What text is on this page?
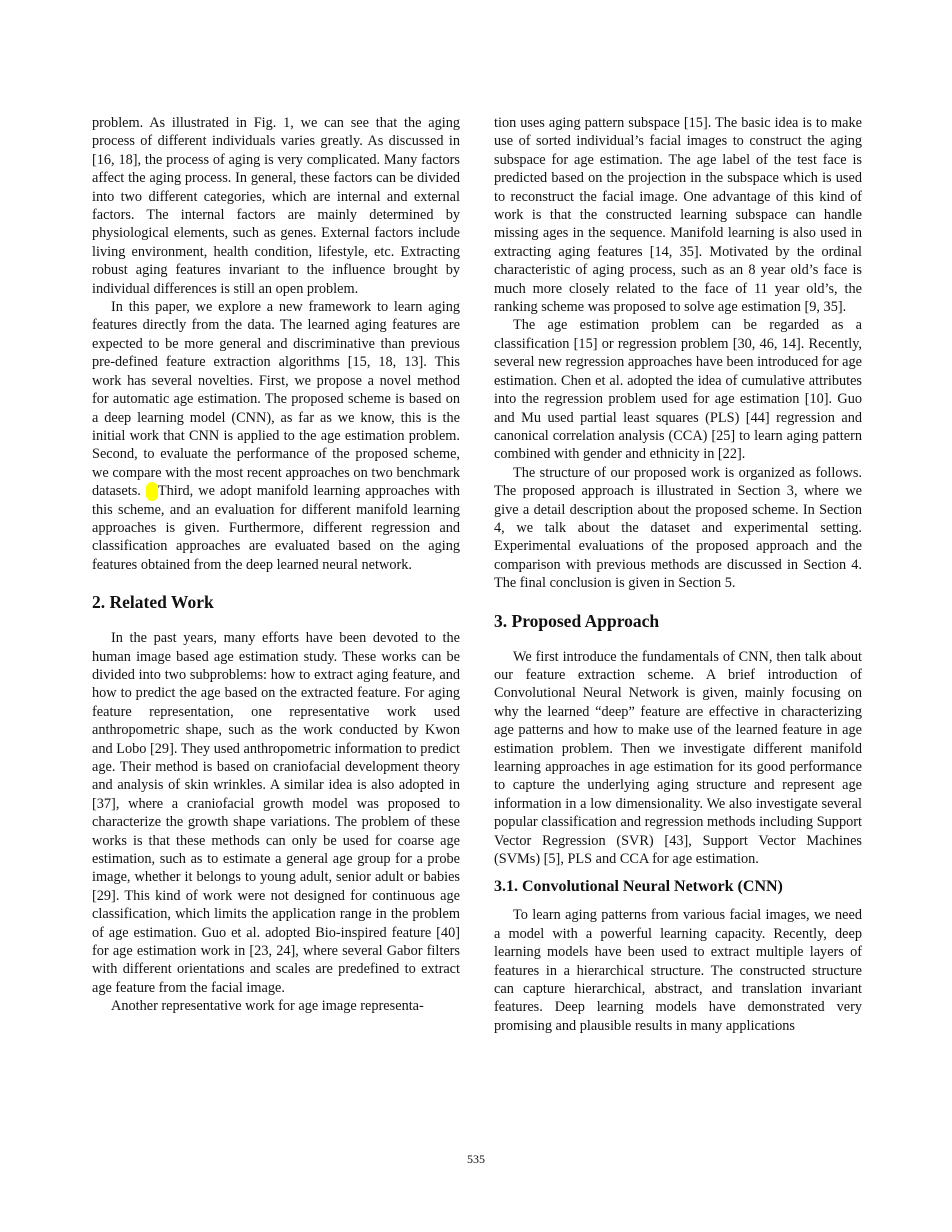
problem. As illustrated in Fig. 1, we can see that the aging process of different individuals varies greatly. As discussed in [16, 18], the process of aging is very complicated. Many factors affect the aging process. In general, these factors can be divided into two different categories, which are internal and external factors. The internal factors are mainly determined by physiological elements, such as genes. External factors include living environment, health condition, lifestyle, etc. Extracting robust aging features invariant to the influence brought by individual differences is still an open problem.

In this paper, we explore a new framework to learn aging features directly from the data. The learned aging features are expected to be more general and discriminative than previous pre-defined feature extraction algorithms [15, 18, 13]. This work has several novelties. First, we propose a novel method for automatic age estimation. The proposed scheme is based on a deep learning model (CNN), as far as we know, this is the initial work that CNN is applied to the age estimation problem. Second, to evaluate the performance of the proposed scheme, we compare with the most recent approaches on two benchmark datasets. Third, we adopt manifold learning approaches with this scheme, and an evaluation for different manifold learning approaches is given. Furthermore, different regression and classification approaches are evaluated based on the aging features obtained from the deep learned neural network.

2. Related Work

In the past years, many efforts have been devoted to the human image based age estimation study. These works can be divided into two subproblems: how to extract aging feature, and how to predict the age based on the extracted feature. For aging feature representation, one representative work used anthropometric shape, such as the work conducted by Kwon and Lobo [29]. They used anthropometric information to predict age. Their method is based on craniofacial development theory and analysis of skin wrinkles. A similar idea is also adopted in [37], where a craniofacial growth model was proposed to characterize the growth shape variations. The problem of these works is that these methods can only be used for coarse age estimation, such as to estimate a general age group for a probe image, whether it belongs to young adult, senior adult or babies [29]. This kind of work were not designed for continuous age classification, which limits the application range in the problem of age estimation. Guo et al. adopted Bio-inspired feature [40] for age estimation work in [23, 24], where several Gabor filters with different orientations and scales are predefined to extract age feature from the facial image.

Another representative work for age image representa-

tion uses aging pattern subspace [15]. The basic idea is to make use of sorted individual’s facial images to construct the aging subspace for age estimation. The age label of the test face is predicted based on the projection in the subspace which is used to reconstruct the facial image. One advantage of this kind of work is that the constructed learning subspace can handle missing ages in the sequence. Manifold learning is also used in extracting aging features [14, 35]. Motivated by the ordinal characteristic of aging process, such as an 8 year old’s face is much more closely related to the face of 11 year old’s, the ranking scheme was proposed to solve age estimation [9, 35].

The age estimation problem can be regarded as a classification [15] or regression problem [30, 46, 14]. Recently, several new regression approaches have been introduced for age estimation. Chen et al. adopted the idea of cumulative attributes into the regression problem used for age estimation [10]. Guo and Mu used partial least squares (PLS) [44] regression and canonical correlation analysis (CCA) [25] to learn aging pattern combined with gender and ethnicity in [22].

The structure of our proposed work is organized as follows. The proposed approach is illustrated in Section 3, where we give a detail description about the proposed scheme. In Section 4, we talk about the dataset and experimental setting. Experimental evaluations of the proposed approach and the comparison with previous methods are discussed in Section 4. The final conclusion is given in Section 5.

3. Proposed Approach

We first introduce the fundamentals of CNN, then talk about our feature extraction scheme. A brief introduction of Convolutional Neural Network is given, mainly focusing on why the learned “deep” feature are effective in characterizing age patterns and how to make use of the learned feature in age estimation problem. Then we investigate different manifold learning approaches in age estimation for its good performance to capture the underlying aging structure and represent age information in a low dimensionality. We also investigate several popular classification and regression methods including Support Vector Regression (SVR) [43], Support Vector Machines (SVMs) [5], PLS and CCA for age estimation.

3.1. Convolutional Neural Network (CNN)

To learn aging patterns from various facial images, we need a model with a powerful learning capacity. Recently, deep learning models have been used to extract multiple layers of features in a hierarchical structure. The constructed structure can capture hierarchical, abstract, and translation invariant features. Deep learning models have demonstrated very promising and plausible results in many applications

535
